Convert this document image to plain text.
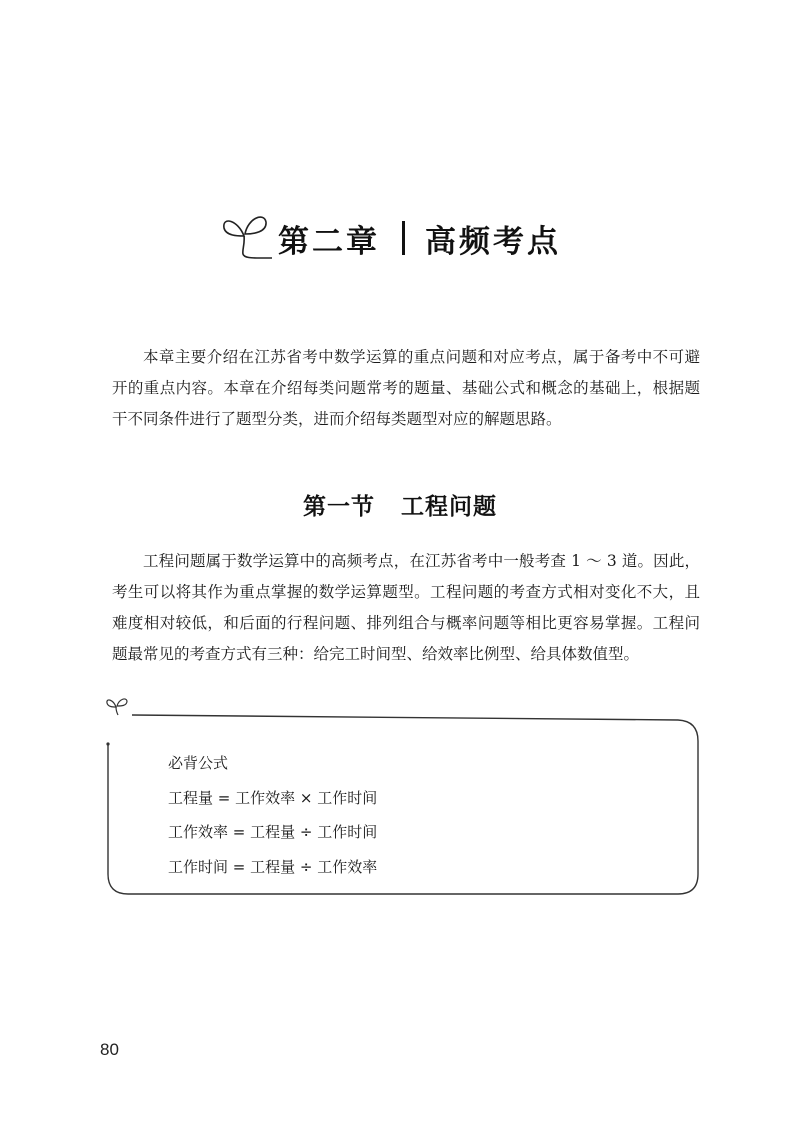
第二章 高频考点

本章主要介绍在江苏省考中数学运算的重点问题和对应考点，属于备考中不可避开的重点内容。本章在介绍每类问题常考的题量、基础公式和概念的基础上，根据题干不同条件进行了题型分类，进而介绍每类题型对应的解题思路。

第一节 工程问题

工程问题属于数学运算中的高频考点，在江苏省考中一般考查 1 ～ 3 道。因此，考生可以将其作为重点掌握的数学运算题型。工程问题的考查方式相对变化不大，且难度相对较低，和后面的行程问题、排列组合与概率问题等相比更容易掌握。工程问题最常见的考查方式有三种：给完工时间型、给效率比例型、给具体数值型。

必背公式
工程量 = 工作效率 × 工作时间
工作效率 = 工程量 ÷ 工作时间
工作时间 = 工程量 ÷ 工作效率

80
